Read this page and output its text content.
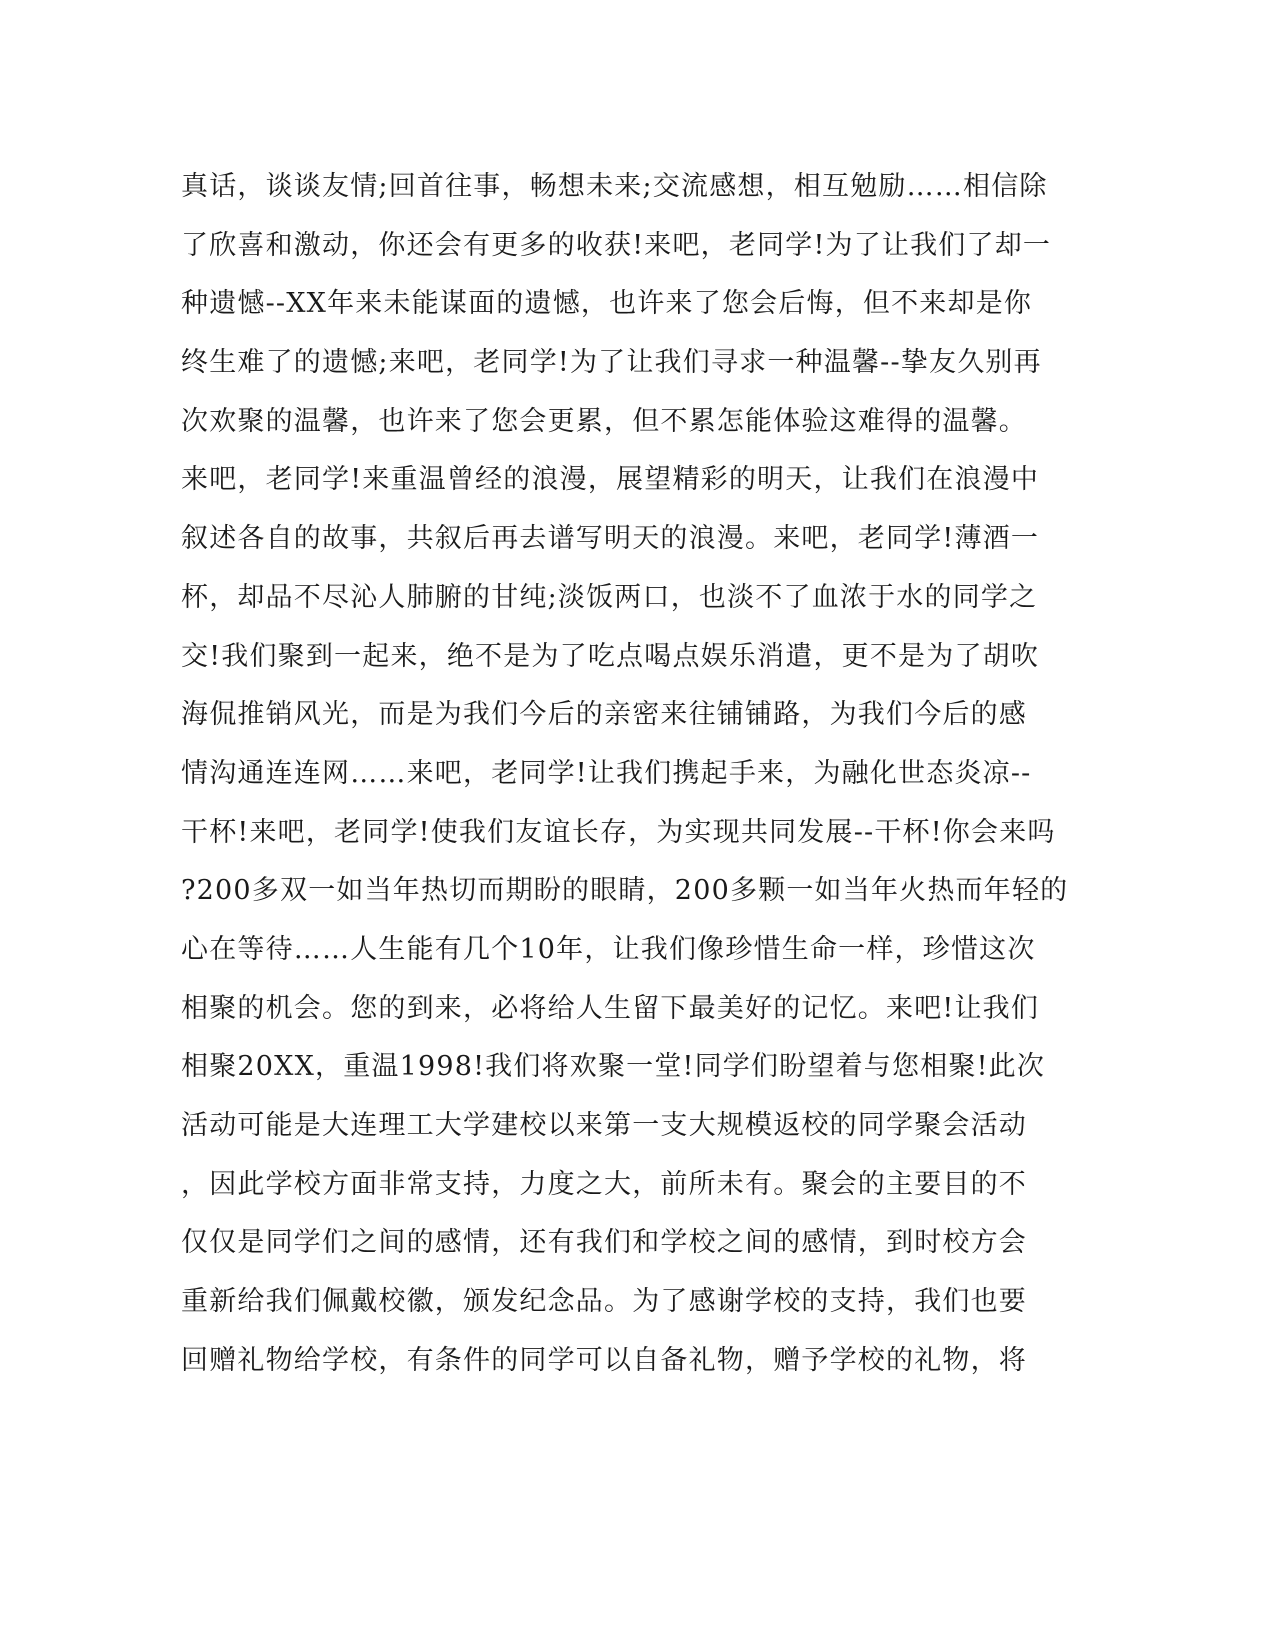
真话，谈谈友情;回首往事，畅想未来;交流感想，相互勉励……相信除
了欣喜和激动，你还会有更多的收获!来吧，老同学!为了让我们了却一
种遗憾--XX年来未能谋面的遗憾，也许来了您会后悔，但不来却是你
终生难了的遗憾;来吧，老同学!为了让我们寻求一种温馨--挚友久别再
次欢聚的温馨，也许来了您会更累，但不累怎能体验这难得的温馨。
来吧，老同学!来重温曾经的浪漫，展望精彩的明天，让我们在浪漫中
叙述各自的故事，共叙后再去谱写明天的浪漫。来吧，老同学!薄酒一
杯，却品不尽沁人肺腑的甘纯;淡饭两口，也淡不了血浓于水的同学之
交!我们聚到一起来，绝不是为了吃点喝点娱乐消遣，更不是为了胡吹
海侃推销风光，而是为我们今后的亲密来往铺铺路，为我们今后的感
情沟通连连网……来吧，老同学!让我们携起手来，为融化世态炎凉--
干杯!来吧，老同学!使我们友谊长存，为实现共同发展--干杯!你会来吗
?200多双一如当年热切而期盼的眼睛，200多颗一如当年火热而年轻的
心在等待……人生能有几个10年，让我们像珍惜生命一样，珍惜这次
相聚的机会。您的到来，必将给人生留下最美好的记忆。来吧!让我们
相聚20XX，重温1998!我们将欢聚一堂!同学们盼望着与您相聚!此次
活动可能是大连理工大学建校以来第一支大规模返校的同学聚会活动
，因此学校方面非常支持，力度之大，前所未有。聚会的主要目的不
仅仅是同学们之间的感情，还有我们和学校之间的感情，到时校方会
重新给我们佩戴校徽，颁发纪念品。为了感谢学校的支持，我们也要
回赠礼物给学校，有条件的同学可以自备礼物，赠予学校的礼物，将
